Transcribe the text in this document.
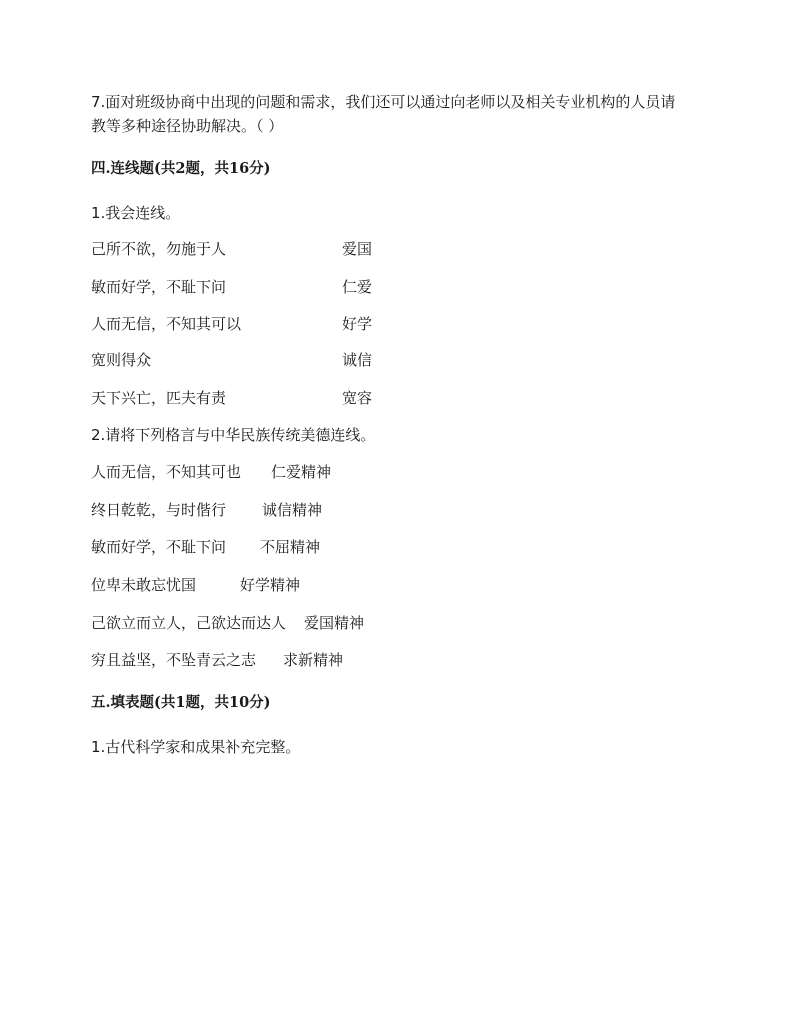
7.面对班级协商中出现的问题和需求，我们还可以通过向老师以及相关专业机构的人员请
教等多种途径协助解决。（ ）
四.连线题(共2题，共16分)
1.我会连线。
己所不欲，勿施于人	爱国
敏而好学，不耻下问	仁爱
人而无信，不知其可以	好学
宽则得众	诚信
天下兴亡，匹夫有责	宽容
2.请将下列格言与中华民族传统美德连线。
人而无信，不知其可也 仁爱精神
终日乾乾，与时偕行 诚信精神
敏而好学，不耻下问 不屈精神
位卑未敢忘忧国	好学精神
己欲立而立人，己欲达而达人 爱国精神
穷且益坚，不坠青云之志 求新精神
五.填表题(共1题，共10分)
1.古代科学家和成果补充完整。
